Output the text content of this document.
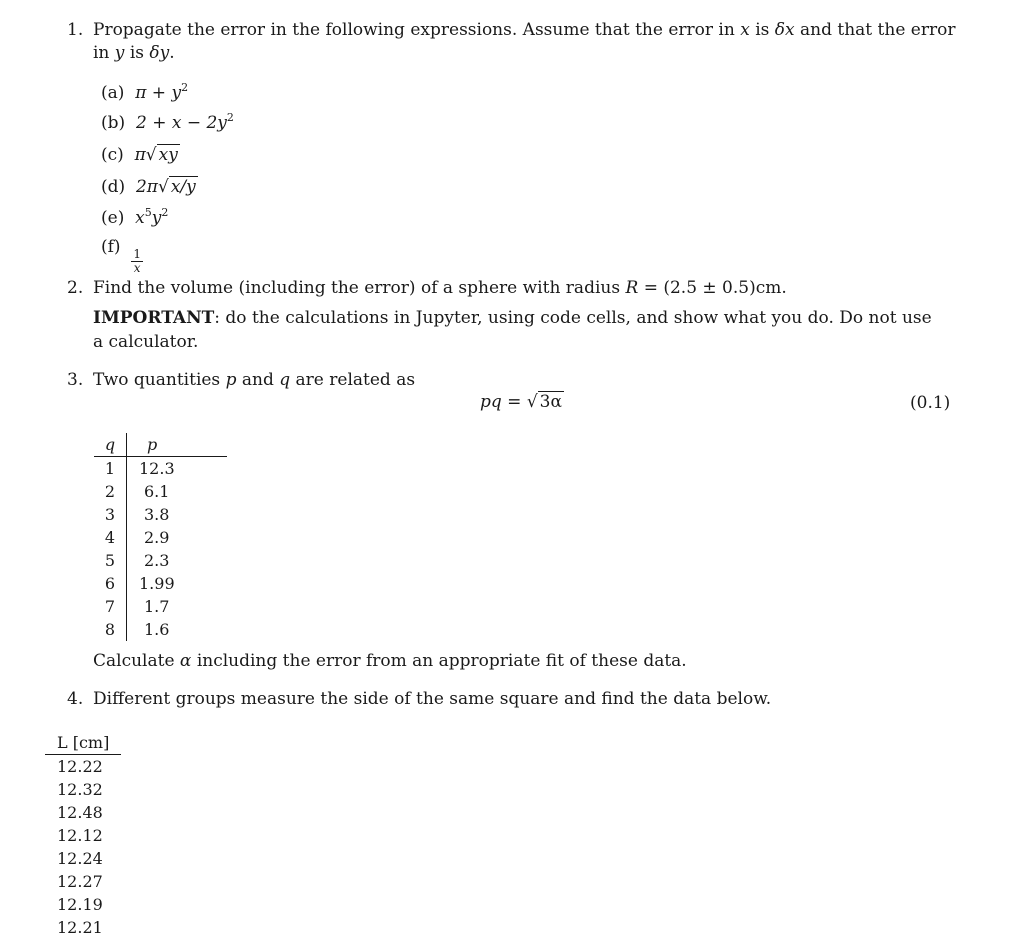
1. Propagate the error in the following expressions. Assume that the error in x is δx and that the error
in y is δy.
(a) $\pi + y^2$
(b) $2 + x - 2y^2$
(c) π√ xy
(d) 2π√ x/y
(e) $x^5y^2$
(f)
$\frac{1}{x}$
2. Find the volume (including the error) of a sphere with radius R = (2.5 ± 0.5)cm.
IMPORTANT: do the calculations in Jupyter, using code cells, and show what you do. Do not use
a calculator.
3. Two quantities p and q are related as
pq = √ 3α	(0.1)
q	p
1	12.3
2	6.1
3	3.8
4	2.9
5	2.3
6	1.99
7	1.7
8	1.6
Calculate α including the error from an appropriate fit of these data.
4. Different groups measure the side of the same square and find the data below.
L [cm]
12.22
12.32
12.48
12.12
12.24
12.27
12.19
12.21
